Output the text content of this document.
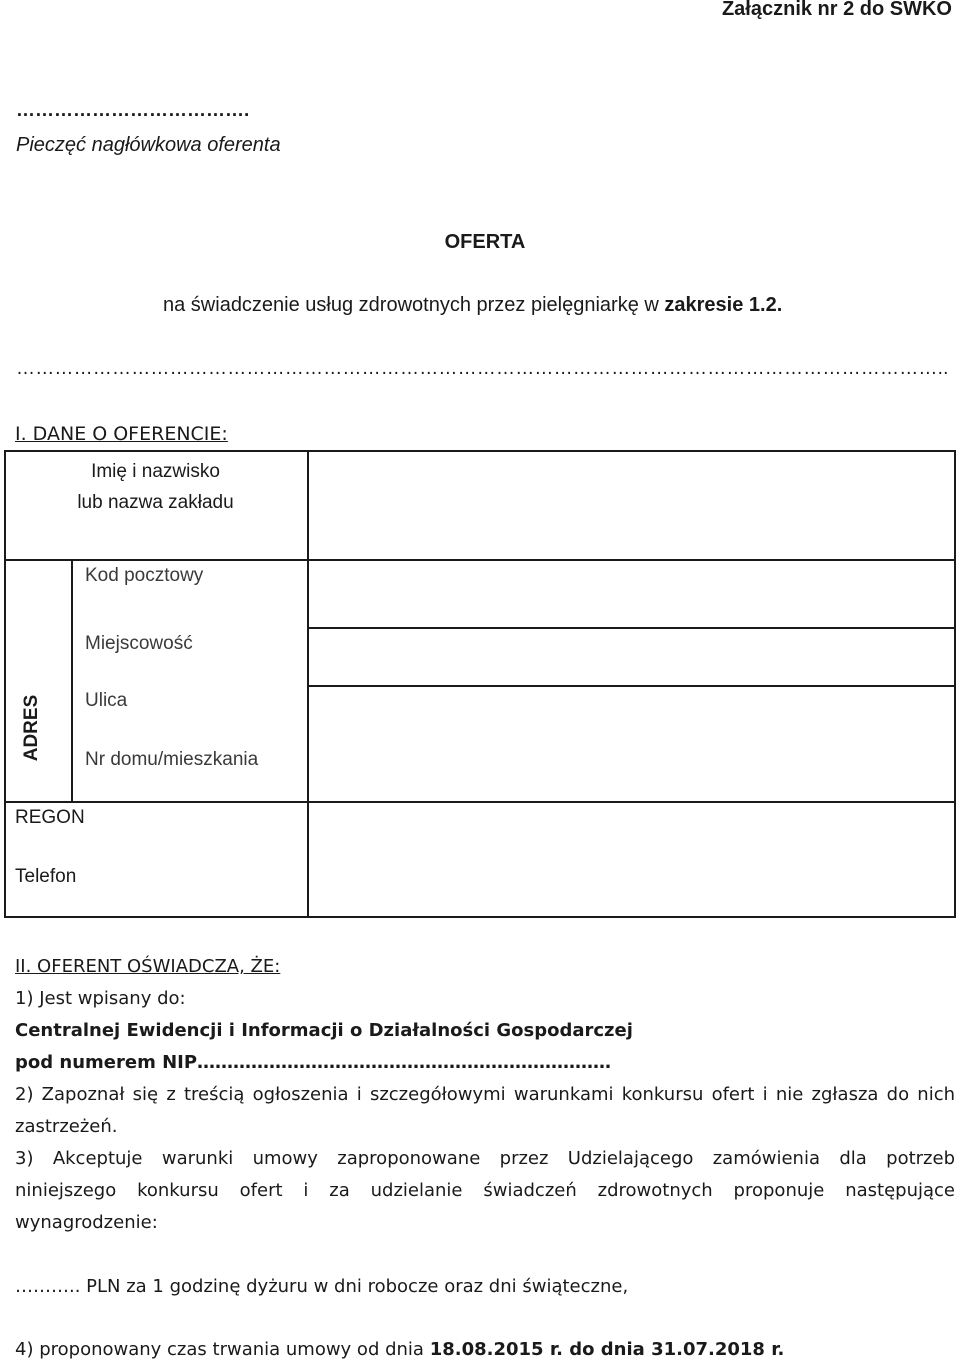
Załącznik nr 2 do SWKO
……………………………….
Pieczęć nagłówkowa oferenta
OFERTA
na świadczenie usług zdrowotnych przez pielęgniarkę w zakresie 1.2.
………………………………………………………………………………………………………………………………..
I. DANE O OFERENCIE:
Imię i nazwisko
lub nazwa zakładu
Kod pocztowy
Miejscowość
Ulica
Nr domu/mieszkania
ADRES
REGON
Telefon
II. OFERENT OŚWIADCZA, ŻE:
1) Jest wpisany do:
Centralnej Ewidencji i Informacji o Działalności Gospodarczej
pod numerem NIP……………………………………………………………
2) Zapoznał się z treścią ogłoszenia i szczegółowymi warunkami konkursu ofert i nie zgłasza do nich
zastrzeżeń.
3) Akceptuje warunki umowy zaproponowane przez Udzielającego zamówienia dla potrzeb
niniejszego konkursu ofert i za udzielanie świadczeń zdrowotnych proponuje następujące
wynagrodzenie:
……….. PLN za 1 godzinę dyżuru w dni robocze oraz dni świąteczne,
4) proponowany czas trwania umowy od dnia 18.08.2015 r. do dnia 31.07.2018 r.
